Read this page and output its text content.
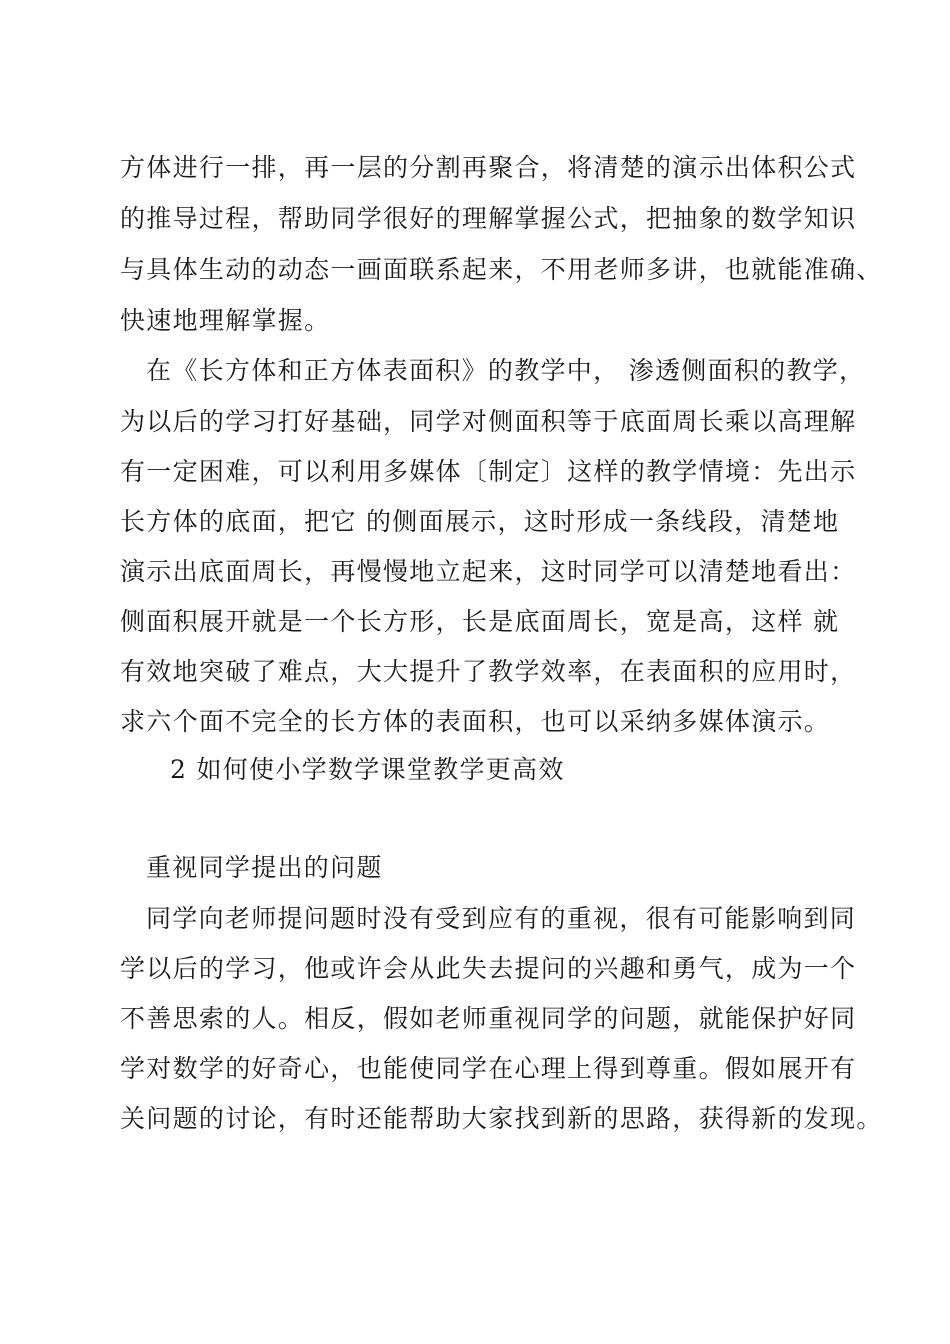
方体进行一排，再一层的分割再聚合，将清楚的演示出体积公式
的推导过程，帮助同学很好的理解掌握公式，把抽象的数学知识
与具体生动的动态一画面联系起来，不用老师多讲，也就能准确、
快速地理解掌握。
在《长方体和正方体表面积》的教学中， 渗透侧面积的教学，
为以后的学习打好基础，同学对侧面积等于底面周长乘以高理解
有一定困难，可以利用多媒体〔制定〕这样的教学情境：先出示
长方体的底面，把它 的侧面展示，这时形成一条线段，清楚地
演示出底面周长，再慢慢地立起来，这时同学可以清楚地看出：
侧面积展开就是一个长方形，长是底面周长，宽是高，这样 就
有效地突破了难点，大大提升了教学效率，在表面积的应用时，
求六个面不完全的长方体的表面积，也可以采纳多媒体演示。
2 如何使小学数学课堂教学更高效
重视同学提出的问题
同学向老师提问题时没有受到应有的重视，很有可能影响到同
学以后的学习，他或许会从此失去提问的兴趣和勇气，成为一个
不善思索的人。相反，假如老师重视同学的问题，就能保护好同
学对数学的好奇心，也能使同学在心理上得到尊重。假如展开有
关问题的讨论，有时还能帮助大家找到新的思路，获得新的发现。
